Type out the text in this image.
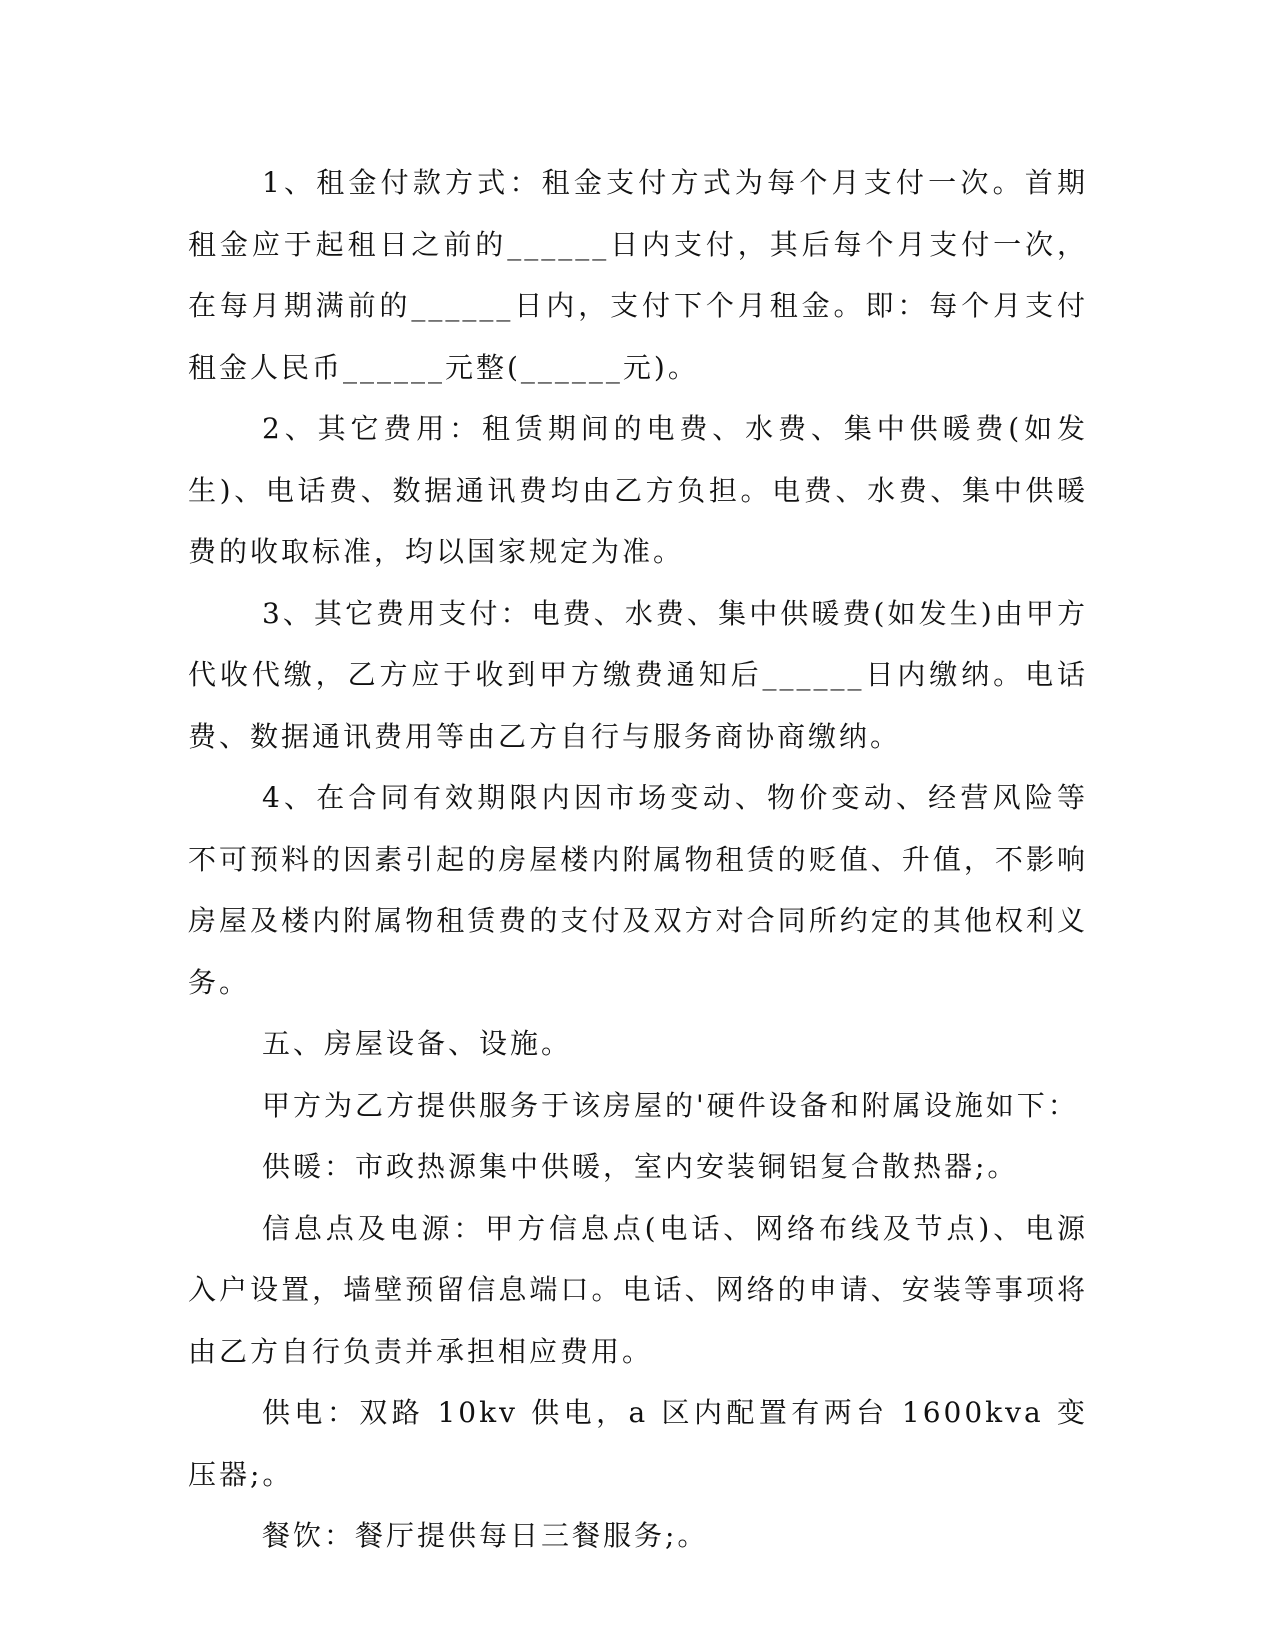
1、租金付款方式：租金支付方式为每个月支付一次。首期租金应于起租日之前的______日内支付，其后每个月支付一次，在每月期满前的______日内，支付下个月租金。即：每个月支付租金人民币______元整(______元)。

2、其它费用：租赁期间的电费、水费、集中供暖费(如发生)、电话费、数据通讯费均由乙方负担。电费、水费、集中供暖费的收取标准，均以国家规定为准。

3、其它费用支付：电费、水费、集中供暖费(如发生)由甲方代收代缴，乙方应于收到甲方缴费通知后______日内缴纳。电话费、数据通讯费用等由乙方自行与服务商协商缴纳。

4、在合同有效期限内因市场变动、物价变动、经营风险等不可预料的因素引起的房屋楼内附属物租赁的贬值、升值，不影响房屋及楼内附属物租赁费的支付及双方对合同所约定的其他权利义务。

五、房屋设备、设施。

甲方为乙方提供服务于该房屋的'硬件设备和附属设施如下：

供暖：市政热源集中供暖，室内安装铜铝复合散热器;。

信息点及电源：甲方信息点(电话、网络布线及节点)、电源入户设置，墙壁预留信息端口。电话、网络的申请、安装等事项将由乙方自行负责并承担相应费用。

供电：双路 10kv 供电，a 区内配置有两台 1600kva 变压器;。

餐饮：餐厅提供每日三餐服务;。
